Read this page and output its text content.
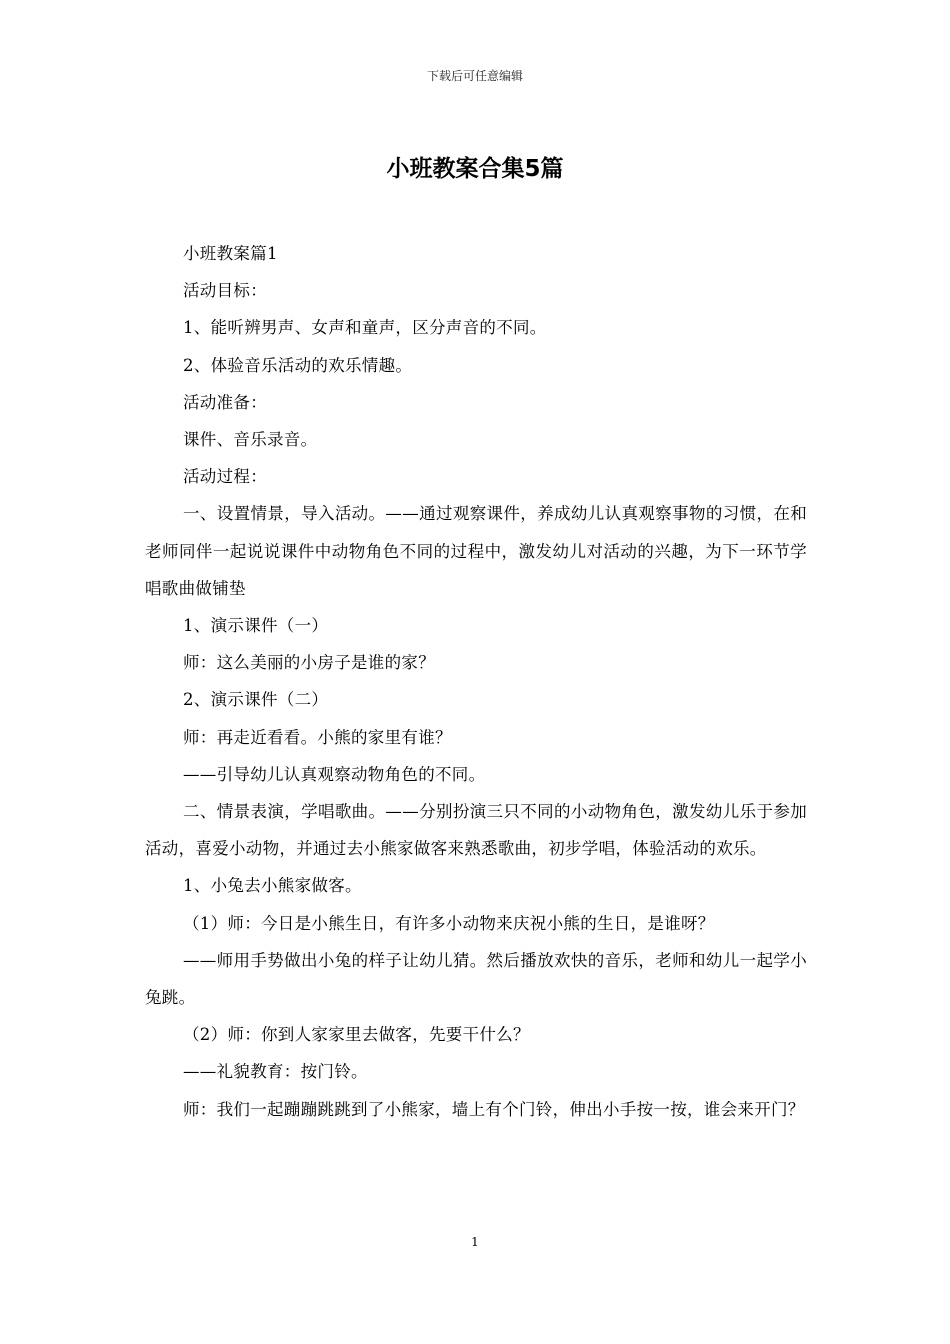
下载后可任意编辑
小班教案合集5篇

小班教案篇1

活动目标：

1、能听辨男声、女声和童声，区分声音的不同。

2、体验音乐活动的欢乐情趣。

活动准备：

课件、音乐录音。

活动过程：

一、设置情景，导入活动。——通过观察课件，养成幼儿认真观察事物的习惯，在和老师同伴一起说说课件中动物角色不同的过程中，激发幼儿对活动的兴趣，为下一环节学唱歌曲做铺垫

1、演示课件（一）

师：这么美丽的小房子是谁的家？

2、演示课件（二）

师：再走近看看。小熊的家里有谁？

——引导幼儿认真观察动物角色的不同。

二、情景表演，学唱歌曲。——分别扮演三只不同的小动物角色，激发幼儿乐于参加活动，喜爱小动物，并通过去小熊家做客来熟悉歌曲，初步学唱，体验活动的欢乐。

1、小兔去小熊家做客。

（1）师：今日是小熊生日，有许多小动物来庆祝小熊的生日，是谁呀？

——师用手势做出小兔的样子让幼儿猜。然后播放欢快的音乐，老师和幼儿一起学小兔跳。

（2）师：你到人家家里去做客，先要干什么？

——礼貌教育：按门铃。

师：我们一起蹦蹦跳跳到了小熊家，墙上有个门铃，伸出小手按一按，谁会来开门？

1
